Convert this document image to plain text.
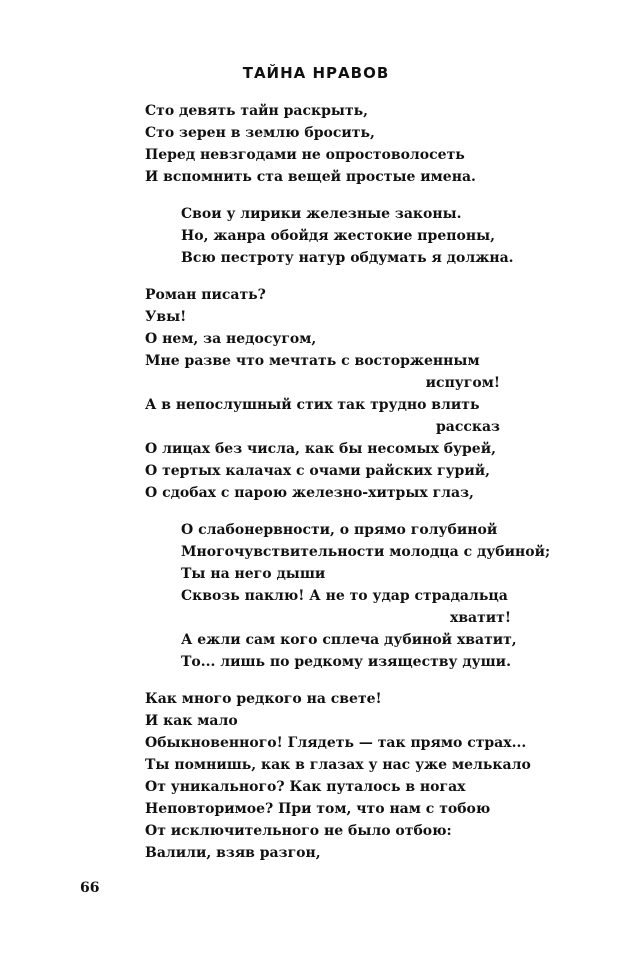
ТАЙНА НРАВОВ
Сто девять тайн раскрыть,
Сто зерен в землю бросить,
Перед невзгодами не опростоволосеть
И вспомнить ста вещей простые имена.
Свои у лирики железные законы.
Но, жанра обойдя жестокие препоны,
Всю пестроту натур обдумать я должна.
Роман писать?
Увы!
О нем, за недосугом,
Мне разве что мечтать с восторженным
испугом!
А в непослушный стих так трудно влить
рассказ
О лицах без числа, как бы несомых бурей,
О тертых калачах с очами райских гурий,
О сдобах с парою железно-хитрых глаз,
О слабонервности, о прямо голубиной
Многочувствительности молодца с дубиной;
Ты на него дыши
Сквозь паклю! А не то удар страдальца
хватит!
А ежли сам кого сплеча дубиной хватит,
То... лишь по редкому изяществу души.
Как много редкого на свете!
И как мало
Обыкновенного! Глядеть — так прямо страх...
Ты помнишь, как в глазах у нас уже мелькало
От уникального? Как путалось в ногах
Неповторимое? При том, что нам с тобою
От исключительного не было отбою:
Валили, взяв разгон,
66
